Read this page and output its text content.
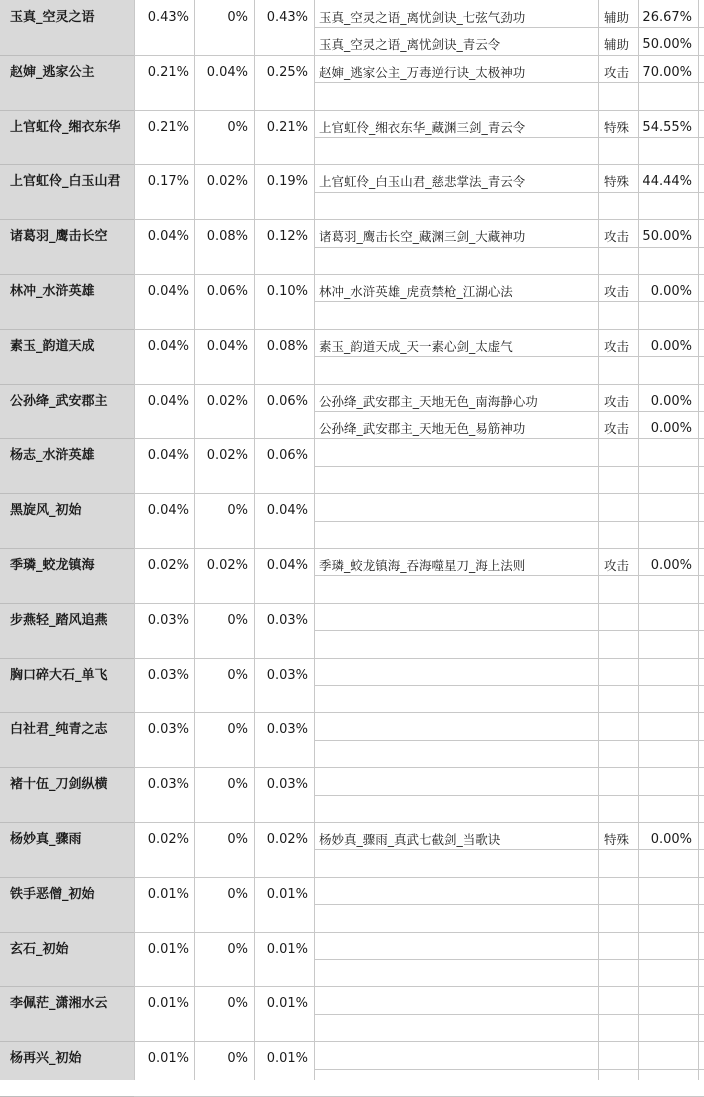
玉真_空灵之语	0.43%	0%	0.43% 玉真_空灵之语_离忧剑诀_七弦气劲功	辅助	26.67%
玉真_空灵之语_离忧剑诀_青云令	辅助	50.00%
赵婶_逃家公主	0.21%	0.04%	0.25% 赵婶_逃家公主_万毒逆行诀_太极神功	攻击	70.00%
上官虹伶_缃衣东华	0.21%	0%	0.21% 上官虹伶_缃衣东华_藏渊三剑_青云令	特殊	54.55%
上官虹伶_白玉山君	0.17%	0.02%	0.19% 上官虹伶_白玉山君_慈悲掌法_青云令	特殊	44.44%
诸葛羽_鹰击长空	0.04%	0.08%	0.12% 诸葛羽_鹰击长空_藏渊三剑_大藏神功	攻击	50.00%
林冲_水浒英雄	0.04%	0.06%	0.10% 林冲_水浒英雄_虎贲禁枪_江湖心法	攻击	0.00%
素玉_韵道天成	0.04%	0.04%	0.08% 素玉_韵道天成_天一素心剑_太虚气	攻击	0.00%
公孙绛_武安郡主	0.04%	0.02%	0.06% 公孙绛_武安郡主_天地无色_南海静心功	攻击	0.00%
公孙绛_武安郡主_天地无色_易筋神功	攻击	0.00%
杨志_水浒英雄	0.04%	0.02%	0.06%
黑旋风_初始	0.04%	0%	0.04%
季璘_蛟龙镇海	0.02%	0.02%	0.04% 季璘_蛟龙镇海_吞海噬星刀_海上法则	攻击	0.00%
步燕轻_踏风追燕	0.03%	0%	0.03%
胸口碎大石_单飞	0.03%	0%	0.03%
白社君_纯青之志	0.03%	0%	0.03%
褚十伍_刀剑纵横	0.03%	0%	0.03%
杨妙真_骤雨	0.02%	0%	0.02% 杨妙真_骤雨_真武七截剑_当歌诀	特殊	0.00%
铁手恶僧_初始	0.01%	0%	0.01%
玄石_初始	0.01%	0%	0.01%
李佩茫_潇湘水云	0.01%	0%	0.01%
杨再兴_初始	0.01%	0%	0.01%
